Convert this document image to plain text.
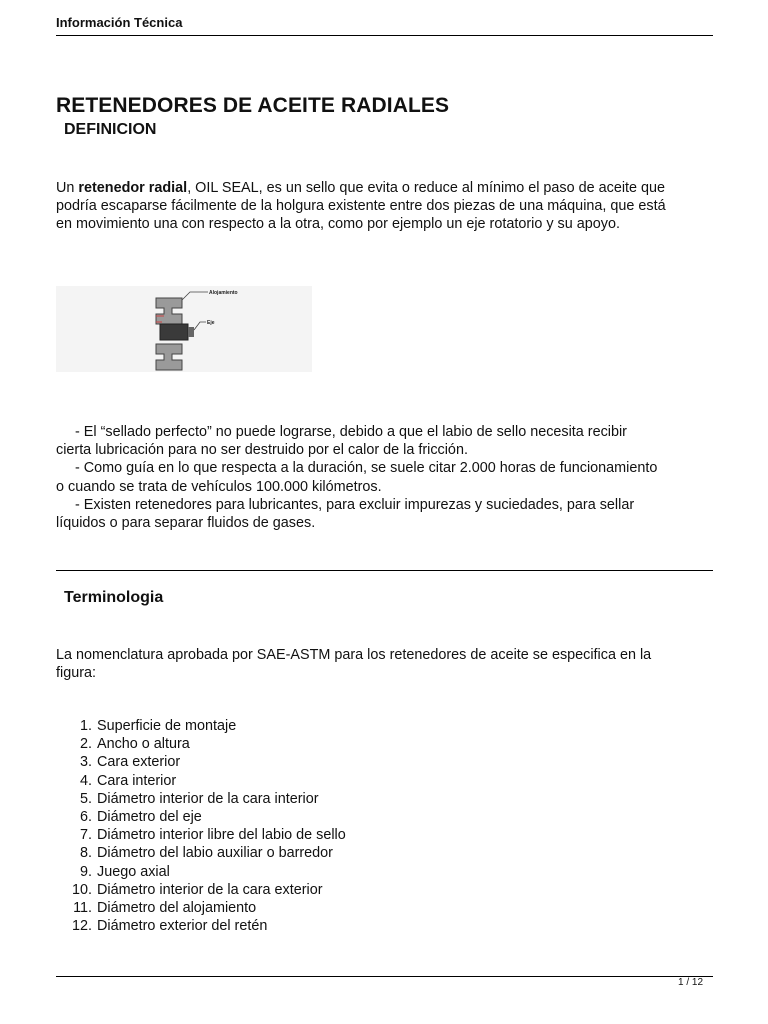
Información Técnica
RETENEDORES DE ACEITE RADIALES
DEFINICION
Un retenedor radial, OIL SEAL, es un sello que evita o reduce al mínimo el paso de aceite que
podría escaparse fácilmente de la holgura existente entre dos piezas de una máquina, que está
en movimiento una con respecto a la otra, como por ejemplo un eje rotatorio y su apoyo.
Alojamiento
Eje
- El “sellado perfecto” no puede lograrse, debido a que el labio de sello necesita recibir
cierta lubricación para no ser destruido por el calor de la fricción.
- Como guía en lo que respecta a la duración, se suele citar 2.000 horas de funcionamiento
o cuando se trata de vehículos 100.000 kilómetros.
- Existen retenedores para lubricantes, para excluir impurezas y suciedades, para sellar
líquidos o para separar fluidos de gases.
Terminologia
La nomenclatura aprobada por SAE-ASTM para los retenedores de aceite se especifica en la
figura:
1. Superficie de montaje
2. Ancho o altura
3. Cara exterior
4. Cara interior
5. Diámetro interior de la cara interior
6. Diámetro del eje
7. Diámetro interior libre del labio de sello
8. Diámetro del labio auxiliar o barredor
9. Juego axial
10. Diámetro interior de la cara exterior
11. Diámetro del alojamiento
12. Diámetro exterior del retén
1 / 12
